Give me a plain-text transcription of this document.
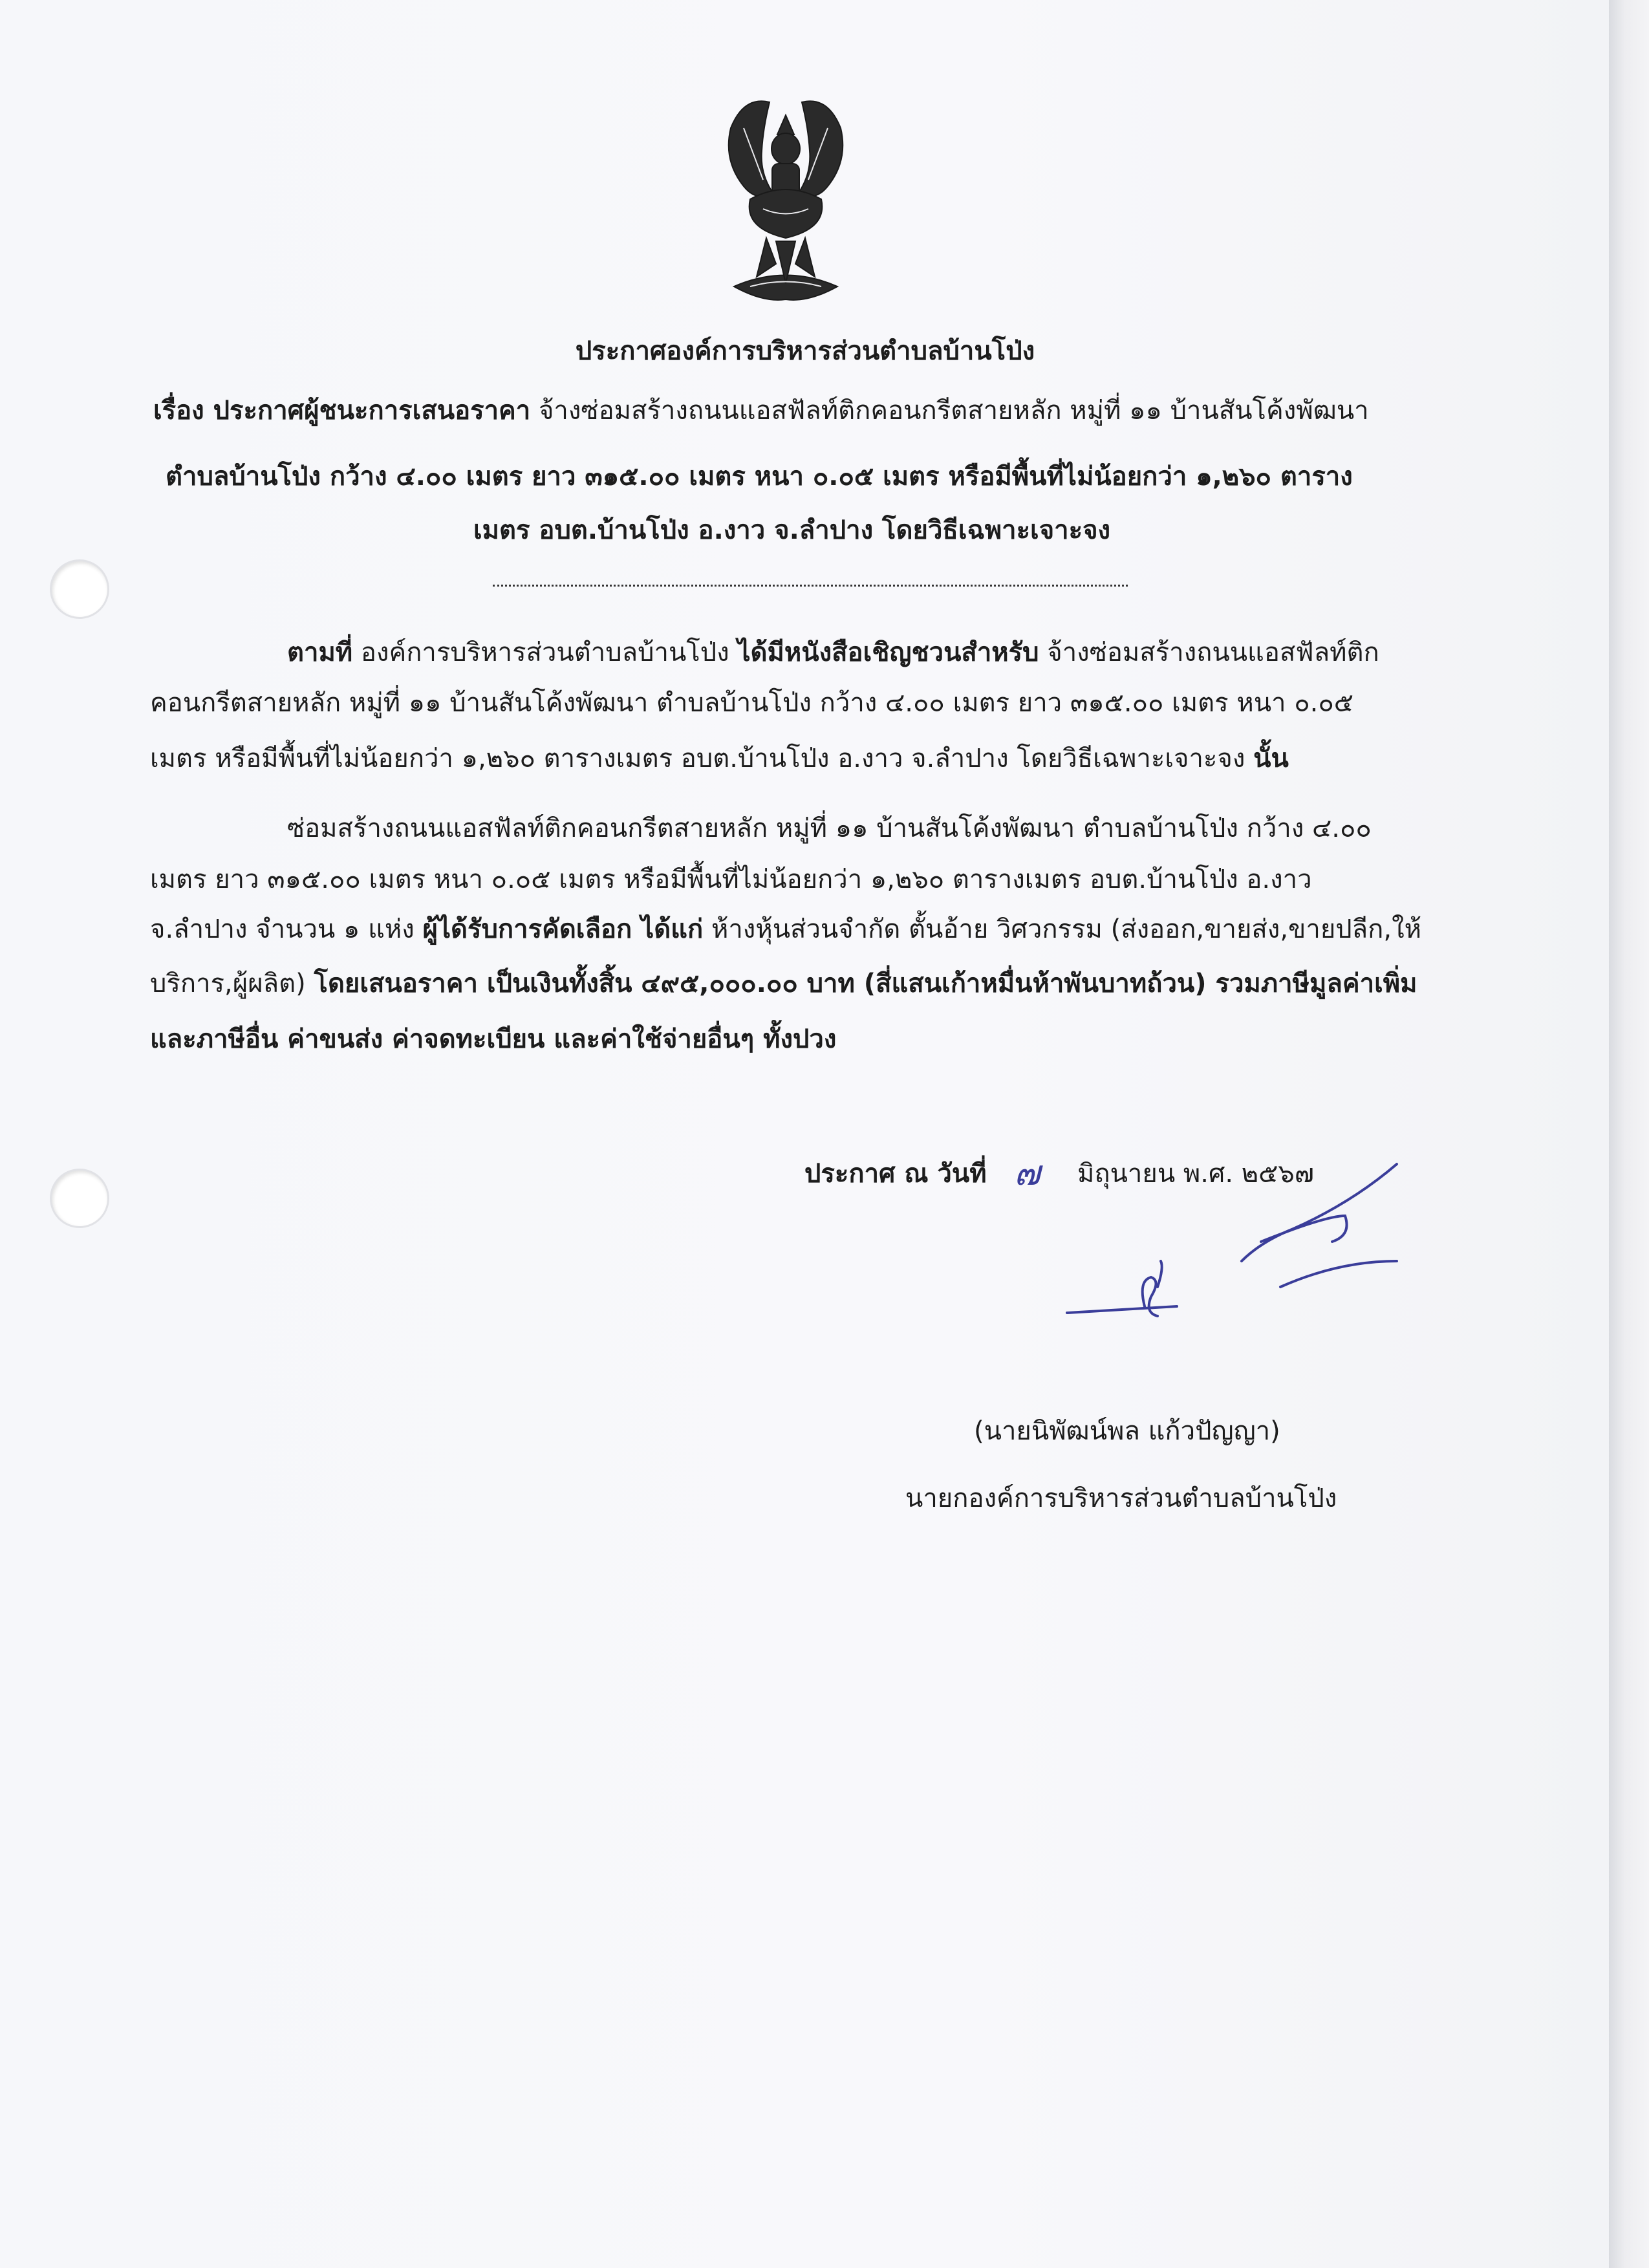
ประกาศองค์การบริหารส่วนตำบลบ้านโป่ง
เรื่อง ประกาศผู้ชนะการเสนอราคา จ้างซ่อมสร้างถนนแอสฟัลท์ติกคอนกรีตสายหลัก หมู่ที่ ๑๑ บ้านสันโค้งพัฒนา
ตำบลบ้านโป่ง กว้าง ๔.๐๐ เมตร ยาว ๓๑๕.๐๐ เมตร หนา ๐.๐๕ เมตร หรือมีพื้นที่ไม่น้อยกว่า ๑,๒๖๐ ตาราง
เมตร อบต.บ้านโป่ง อ.งาว จ.ลำปาง โดยวิธีเฉพาะเจาะจง
ตามที่ องค์การบริหารส่วนตำบลบ้านโป่ง ได้มีหนังสือเชิญชวนสำหรับ จ้างซ่อมสร้างถนนแอสฟัลท์ติก
คอนกรีตสายหลัก หมู่ที่ ๑๑ บ้านสันโค้งพัฒนา ตำบลบ้านโป่ง กว้าง ๔.๐๐ เมตร ยาว ๓๑๕.๐๐ เมตร หนา ๐.๐๕
เมตร หรือมีพื้นที่ไม่น้อยกว่า ๑,๒๖๐ ตารางเมตร อบต.บ้านโป่ง อ.งาว จ.ลำปาง โดยวิธีเฉพาะเจาะจง นั้น
ซ่อมสร้างถนนแอสฟัลท์ติกคอนกรีตสายหลัก หมู่ที่ ๑๑ บ้านสันโค้งพัฒนา ตำบลบ้านโป่ง กว้าง ๔.๐๐
เมตร ยาว ๓๑๕.๐๐ เมตร หนา ๐.๐๕ เมตร หรือมีพื้นที่ไม่น้อยกว่า ๑,๒๖๐ ตารางเมตร อบต.บ้านโป่ง อ.งาว
จ.ลำปาง จำนวน ๑ แห่ง ผู้ได้รับการคัดเลือก ได้แก่ ห้างหุ้นส่วนจำกัด ตั้นอ้าย วิศวกรรม (ส่งออก,ขายส่ง,ขายปลีก,ให้
บริการ,ผู้ผลิต) โดยเสนอราคา เป็นเงินทั้งสิ้น ๔๙๕,๐๐๐.๐๐ บาท (สี่แสนเก้าหมื่นห้าพันบาทถ้วน) รวมภาษีมูลค่าเพิ่ม
และภาษีอื่น ค่าขนส่ง ค่าจดทะเบียน และค่าใช้จ่ายอื่นๆ ทั้งปวง
ประกาศ ณ วันที่ ๗ มิถุนายน พ.ศ. ๒๕๖๗
(นายนิพัฒน์พล แก้วปัญญา)
นายกองค์การบริหารส่วนตำบลบ้านโป่ง
